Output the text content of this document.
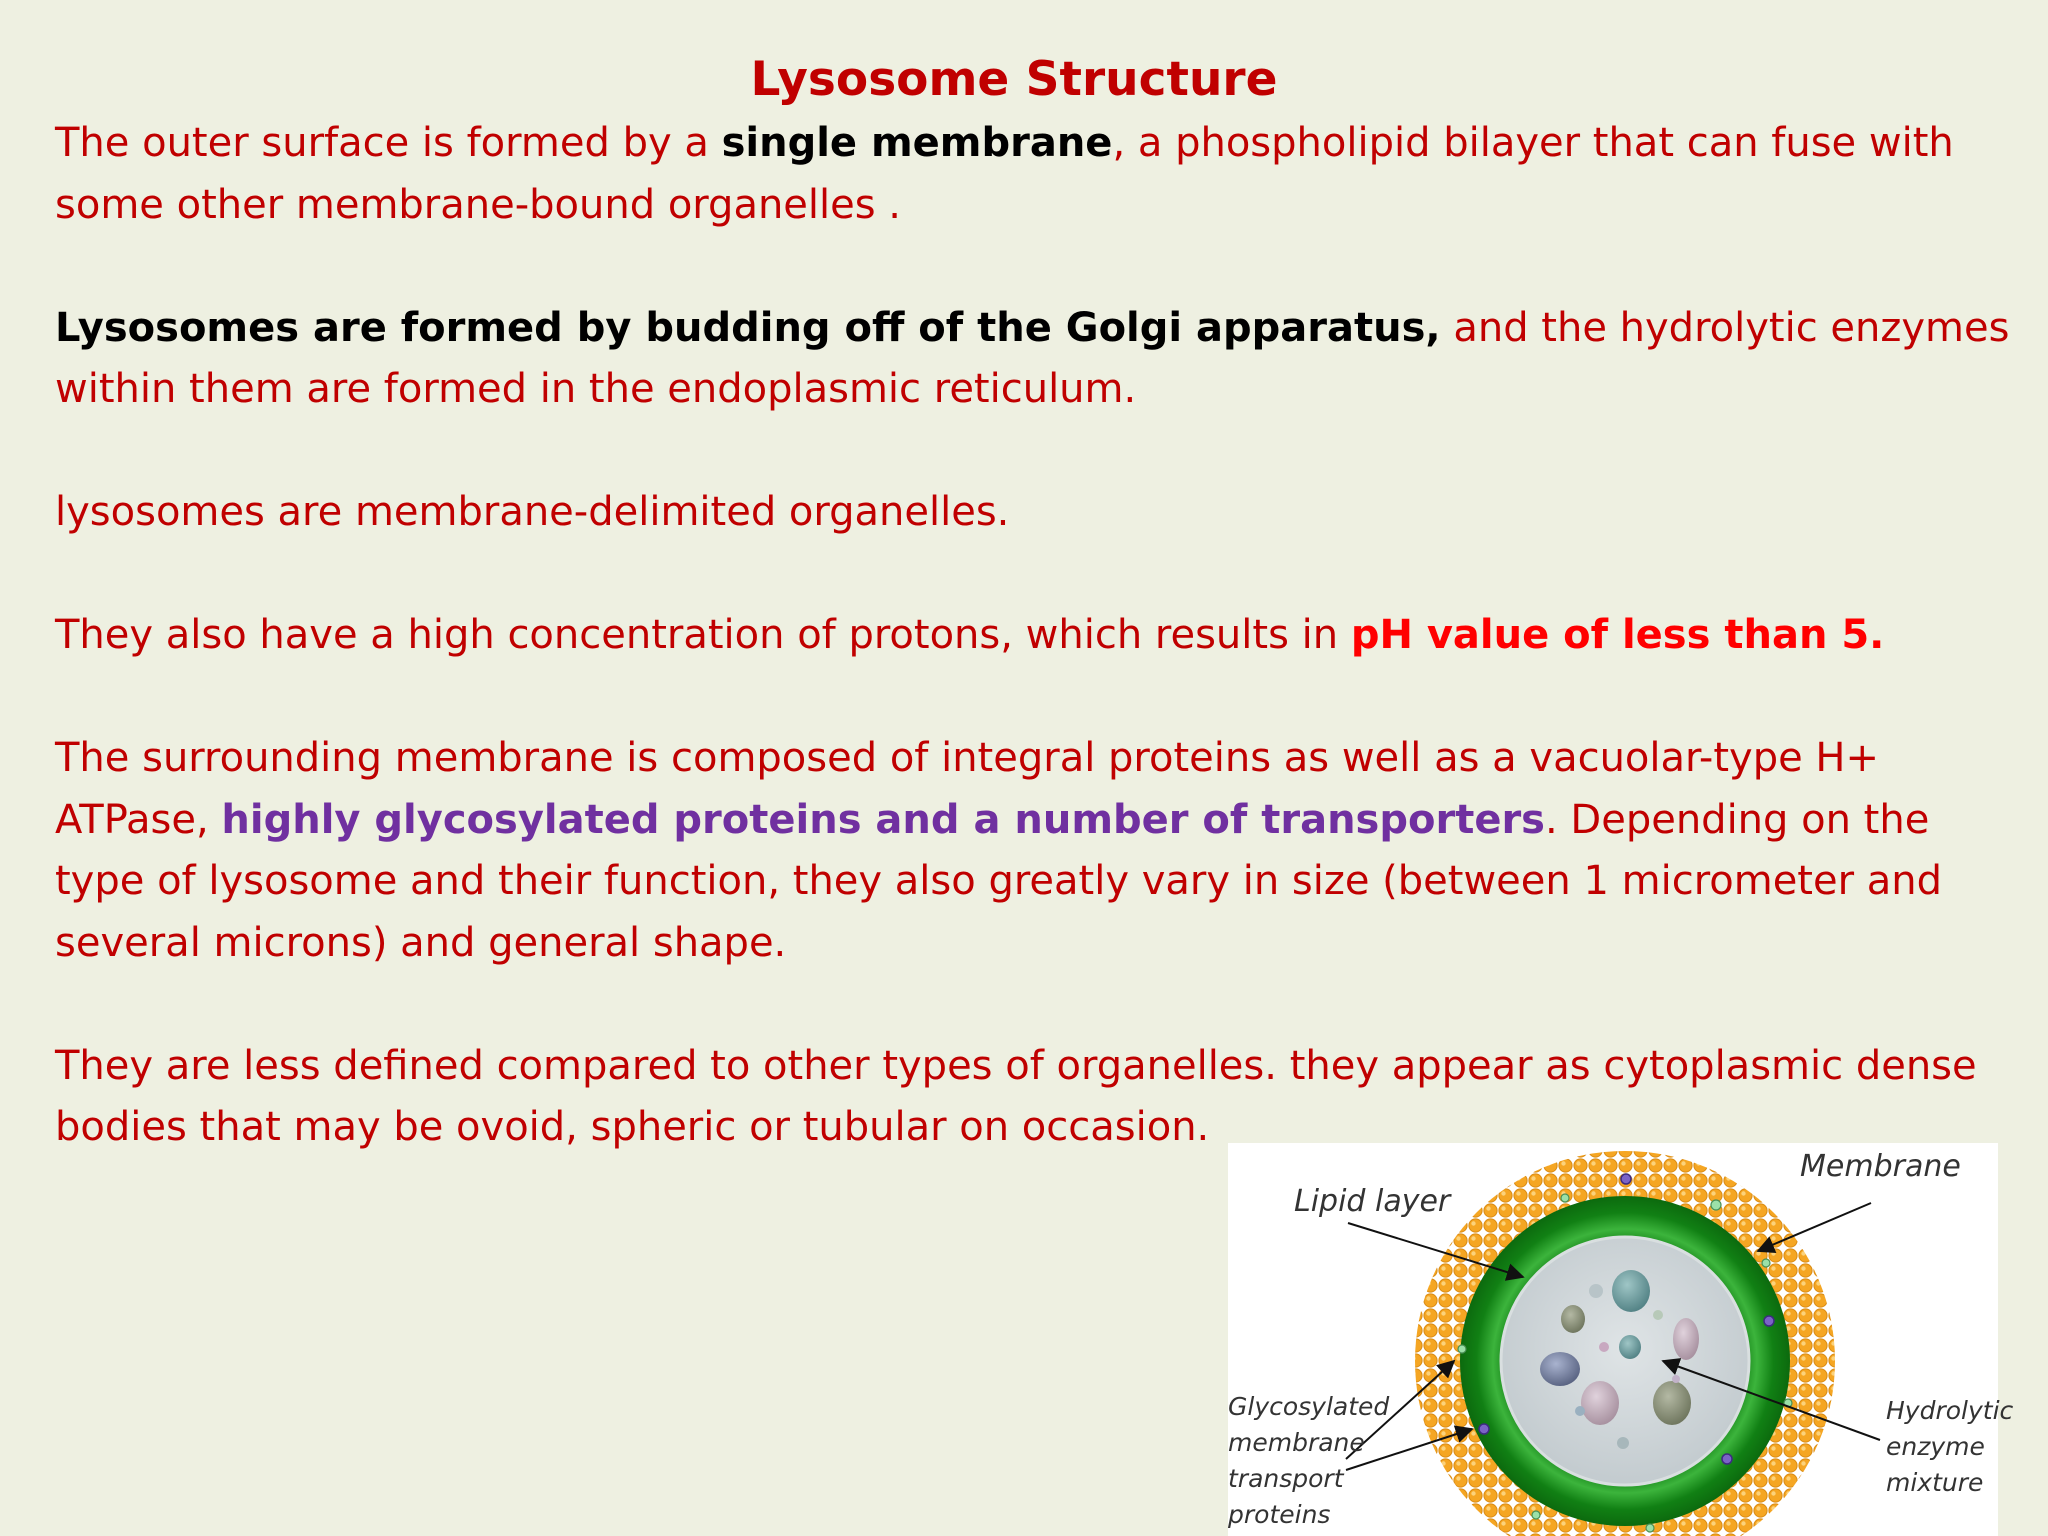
Lysosome Structure

The outer surface is formed by a single membrane, a phospholipid bilayer that can fuse with some other membrane-bound organelles .

Lysosomes are formed by budding off of the Golgi apparatus, and the hydrolytic enzymes within them are formed in the endoplasmic reticulum.

lysosomes are membrane-delimited organelles.

They also have a high concentration of protons, which results in pH value of less than 5.

The surrounding membrane is composed of integral proteins as well as a vacuolar-type H+ ATPase, highly glycosylated proteins and a number of transporters. Depending on the type of lysosome and their function, they also greatly vary in size (between 1 micrometer and several microns) and general shape.

They are less defined compared to other types of organelles. they appear as cytoplasmic dense bodies that may be ovoid, spheric or tubular on occasion.

Membrane
Lipid layer
Glycosylated
membrane
transport
proteins
Hydrolytic
enzyme
mixture
